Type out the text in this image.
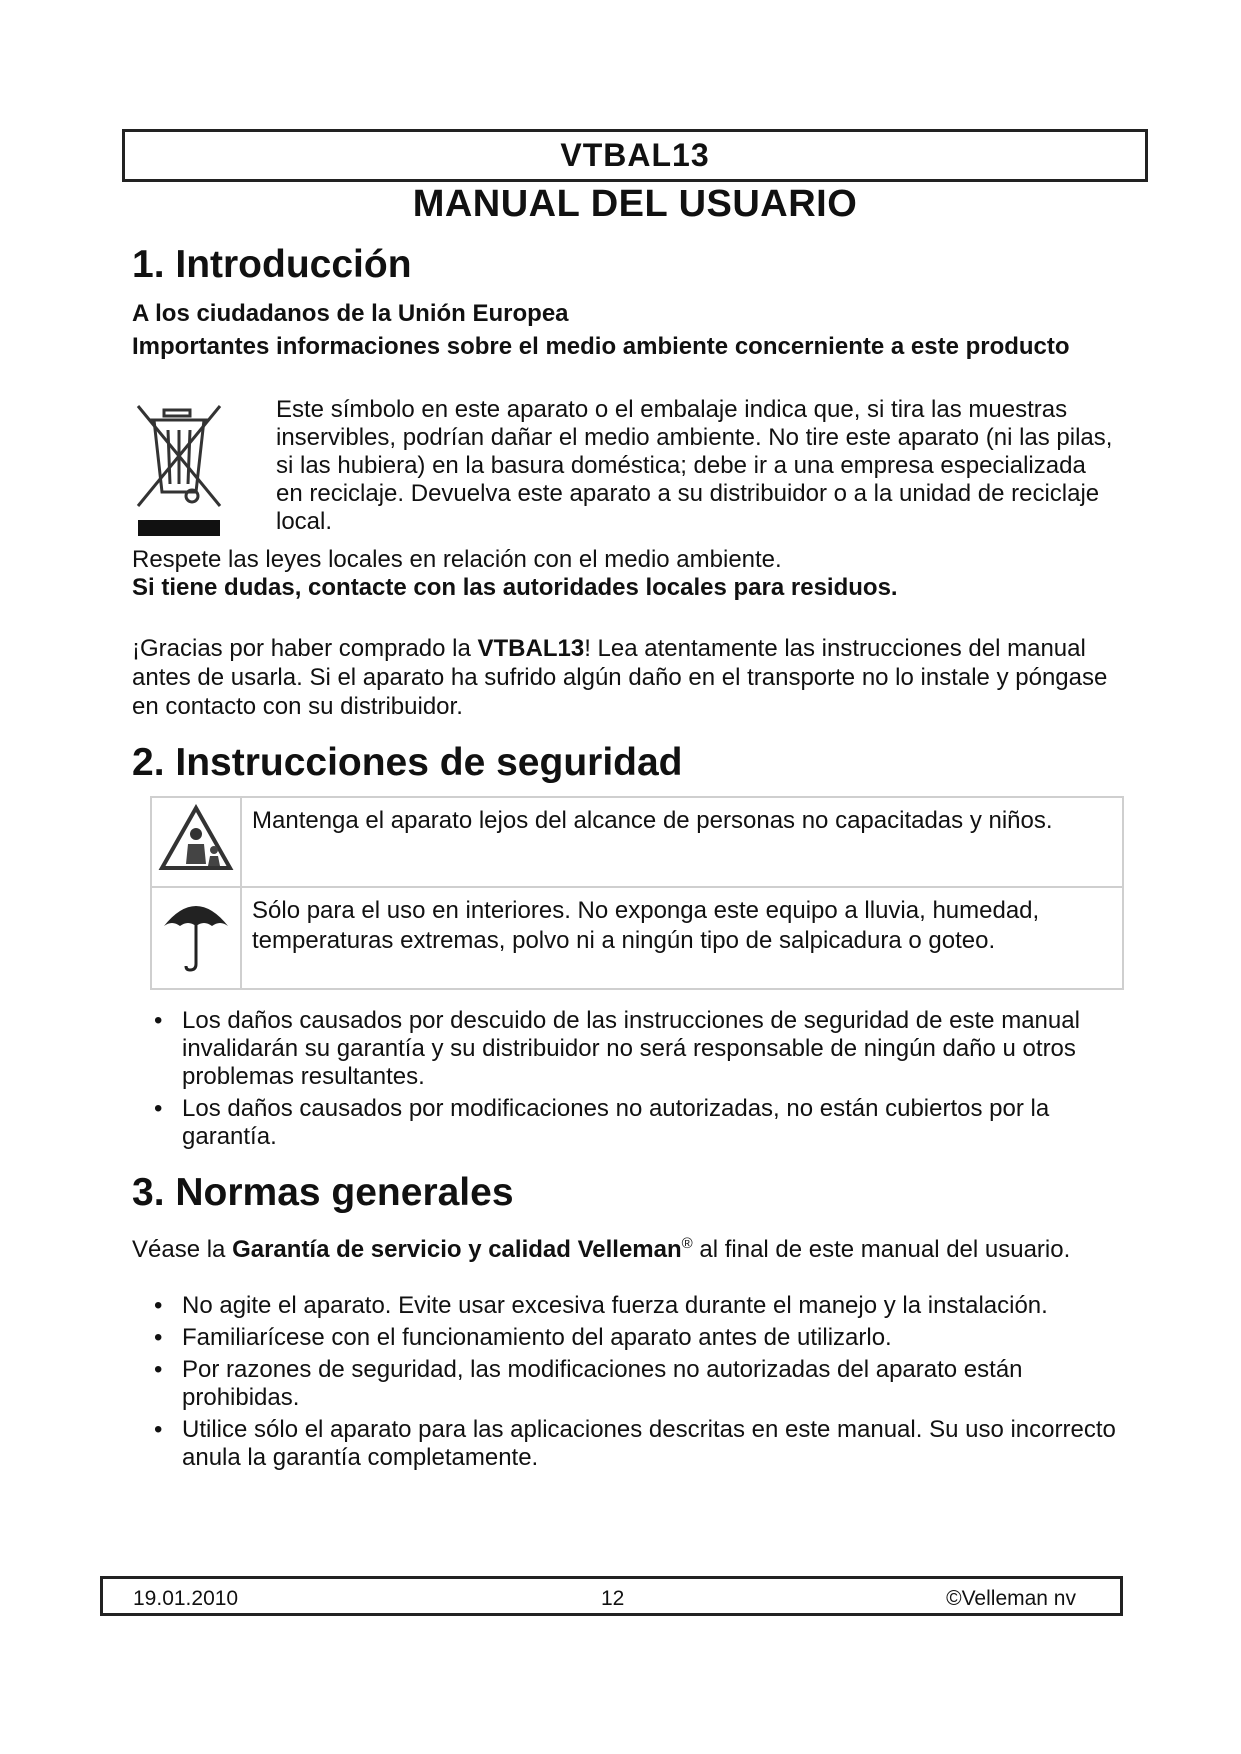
VTBAL13
MANUAL DEL USUARIO
1. Introducción
A los ciudadanos de la Unión Europea
Importantes informaciones sobre el medio ambiente concerniente a este producto
Este símbolo en este aparato o el embalaje indica que, si tira las muestras inservibles, podrían dañar el medio ambiente. No tire este aparato (ni las pilas, si las hubiera) en la basura doméstica; debe ir a una empresa especializada en reciclaje. Devuelva este aparato a su distribuidor o a la unidad de reciclaje local.
Respete las leyes locales en relación con el medio ambiente.
Si tiene dudas, contacte con las autoridades locales para residuos.
¡Gracias por haber comprado la VTBAL13! Lea atentamente las instrucciones del manual antes de usarla. Si el aparato ha sufrido algún daño en el transporte no lo instale y póngase en contacto con su distribuidor.
2. Instrucciones de seguridad
	Mantenga el aparato lejos del alcance de personas no capacitadas y niños.
	Sólo para el uso en interiores. No exponga este equipo a lluvia, humedad, temperaturas extremas, polvo ni a ningún tipo de salpicadura o goteo.
• Los daños causados por descuido de las instrucciones de seguridad de este manual invalidarán su garantía y su distribuidor no será responsable de ningún daño u otros problemas resultantes.
• Los daños causados por modificaciones no autorizadas, no están cubiertos por la garantía.
3. Normas generales
Véase la Garantía de servicio y calidad Velleman® al final de este manual del usuario.
• No agite el aparato. Evite usar excesiva fuerza durante el manejo y la instalación.
• Familiarícese con el funcionamiento del aparato antes de utilizarlo.
• Por razones de seguridad, las modificaciones no autorizadas del aparato están prohibidas.
• Utilice sólo el aparato para las aplicaciones descritas en este manual. Su uso incorrecto anula la garantía completamente.
19.01.2010	12	©Velleman nv
